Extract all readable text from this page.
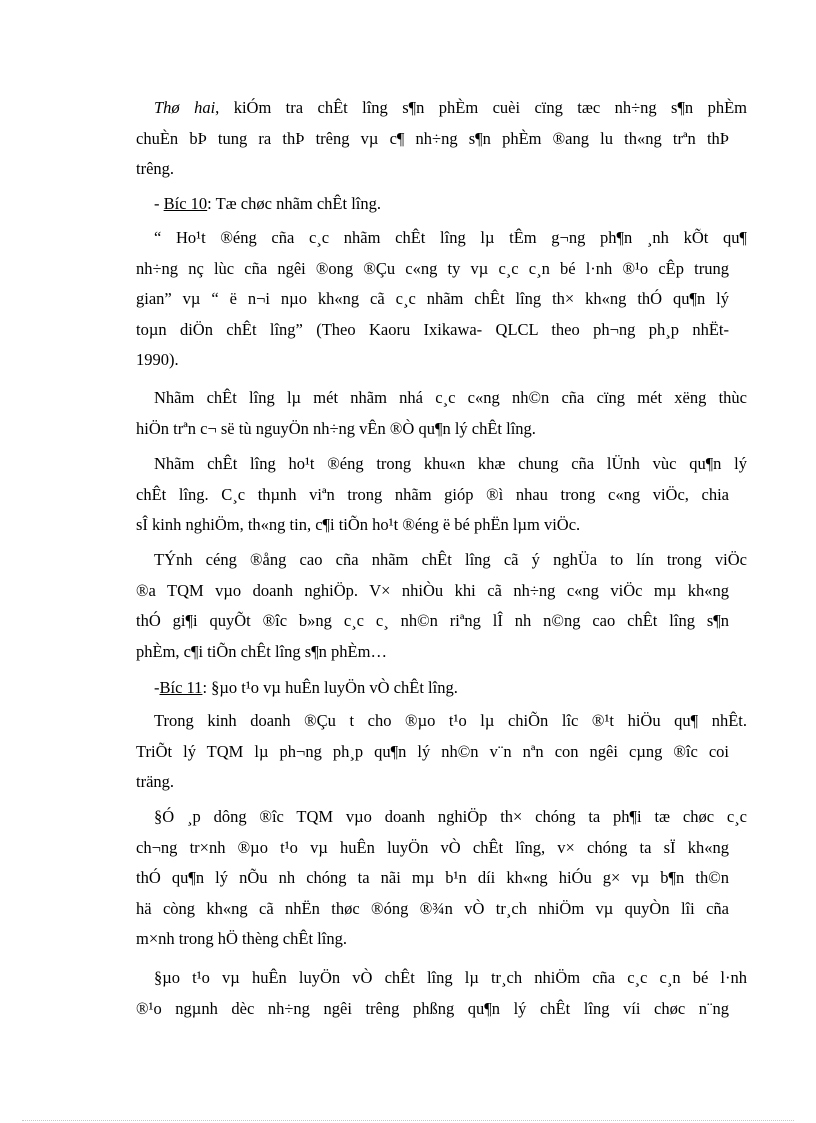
Thø hai, kiÓm tra chÊt lîng s¶n phÈm cuèi cïng tæc nh÷ng s¶n phÈm
chuÈn bÞ tung ra thÞ trêng vµ c¶ nh÷ng s¶n phÈm ®ang lu th«ng trªn thÞ
trêng.
- Bíc 10: Tæ chøc nhãm chÊt lîng.
“ Ho¹t ®éng cña c¸c nhãm chÊt lîng lµ tÊm g¬ng ph¶n ¸nh kÕt qu¶
nh÷ng nç lùc cña ngêi ®ong ®Çu c«ng ty vµ c¸c c¸n bé l·nh ®¹o cÊp trung
gian” vµ “ ë n¬i nµo kh«ng cã c¸c nhãm chÊt lîng th× kh«ng thÓ qu¶n lý
toµn diÖn chÊt lîng” (Theo Kaoru Ixikawa- QLCL theo ph¬ng ph¸p nhËt-
1990).
Nhãm chÊt lîng lµ mét nhãm nhá c¸c c«ng nh©n cña cïng mét xëng thùc
hiÖn trªn c¬ së tù nguyÖn nh÷ng vÊn ®Ò qu¶n lý chÊt lîng.
Nhãm chÊt lîng ho¹t ®éng trong khu«n khæ chung cña lÜnh vùc qu¶n lý
chÊt lîng. C¸c thµnh viªn trong nhãm gióp ®ì nhau trong c«ng viÖc, chia
sÎ kinh nghiÖm, th«ng tin, c¶i tiÕn ho¹t ®éng ë bé phËn lµm viÖc.
TÝnh céng ®ång cao cña nhãm chÊt lîng cã ý nghÜa to lín trong viÖc
®a TQM vµo doanh nghiÖp. V× nhiÒu khi cã nh÷ng c«ng viÖc mµ kh«ng
thÓ gi¶i quyÕt ®îc b»ng c¸c c¸ nh©n riªng lÎ nh n©ng cao chÊt lîng s¶n
phÈm, c¶i tiÕn chÊt lîng s¶n phÈm…
-Bíc 11: §µo t¹o vµ huÊn luyÖn vÒ chÊt lîng.
Trong kinh doanh ®Çu t cho ®µo t¹o lµ chiÕn lîc ®¹t hiÖu qu¶ nhÊt.
TriÕt lý TQM lµ ph¬ng ph¸p qu¶n lý nh©n v¨n nªn con ngêi cµng ®îc coi
träng.
§Ó ¸p dông ®îc TQM vµo doanh nghiÖp th× chóng ta ph¶i tæ chøc c¸c
ch¬ng tr×nh ®µo t¹o vµ huÊn luyÖn vÒ chÊt lîng, v× chóng ta sÏ kh«ng
thÓ qu¶n lý nÕu nh chóng ta nãi mµ b¹n díi kh«ng hiÓu g× vµ b¶n th©n
hä còng kh«ng cã nhËn thøc ®óng ®¾n vÒ tr¸ch nhiÖm vµ quyÒn lîi cña
m×nh trong hÖ thèng chÊt lîng.
§µo t¹o vµ huÊn luyÖn vÒ chÊt lîng lµ tr¸ch nhiÖm cña c¸c c¸n bé l·nh
®¹o ngµnh dèc nh÷ng ngêi trêng phßng qu¶n lý chÊt lîng víi chøc n¨ng
